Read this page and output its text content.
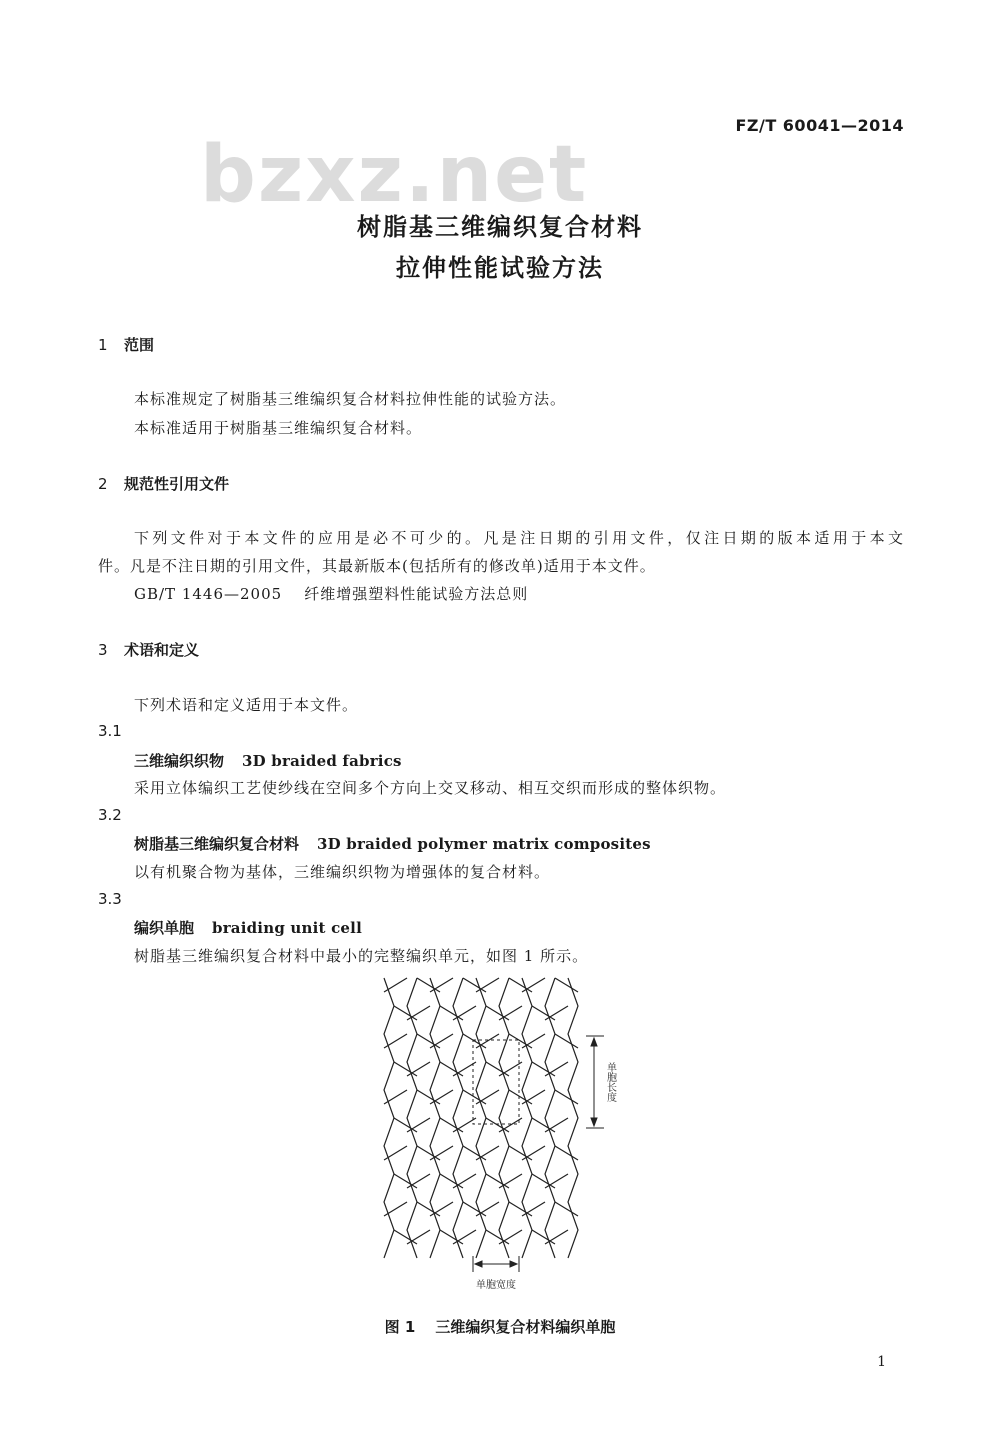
FZ/T 60041—2014
bzxz.net
树脂基三维编织复合材料
拉伸性能试验方法
1 范围
本标准规定了树脂基三维编织复合材料拉伸性能的试验方法。
本标准适用于树脂基三维编织复合材料。
2 规范性引用文件
下列文件对于本文件的应用是必不可少的。凡是注日期的引用文件，仅注日期的版本适用于本文
件。凡是不注日期的引用文件，其最新版本(包括所有的修改单)适用于本文件。
GB/T 1446—2005 纤维增强塑料性能试验方法总则
3 术语和定义
下列术语和定义适用于本文件。
3.1
三维编织织物 3D braided fabrics
采用立体编织工艺使纱线在空间多个方向上交叉移动、相互交织而形成的整体织物。
3.2
树脂基三维编织复合材料 3D braided polymer matrix composites
以有机聚合物为基体，三维编织织物为增强体的复合材料。
3.3
编织单胞 braiding unit cell
树脂基三维编织复合材料中最小的完整编织单元，如图 1 所示。
单胞长度
单胞宽度
图 1 三维编织复合材料编织单胞
1
